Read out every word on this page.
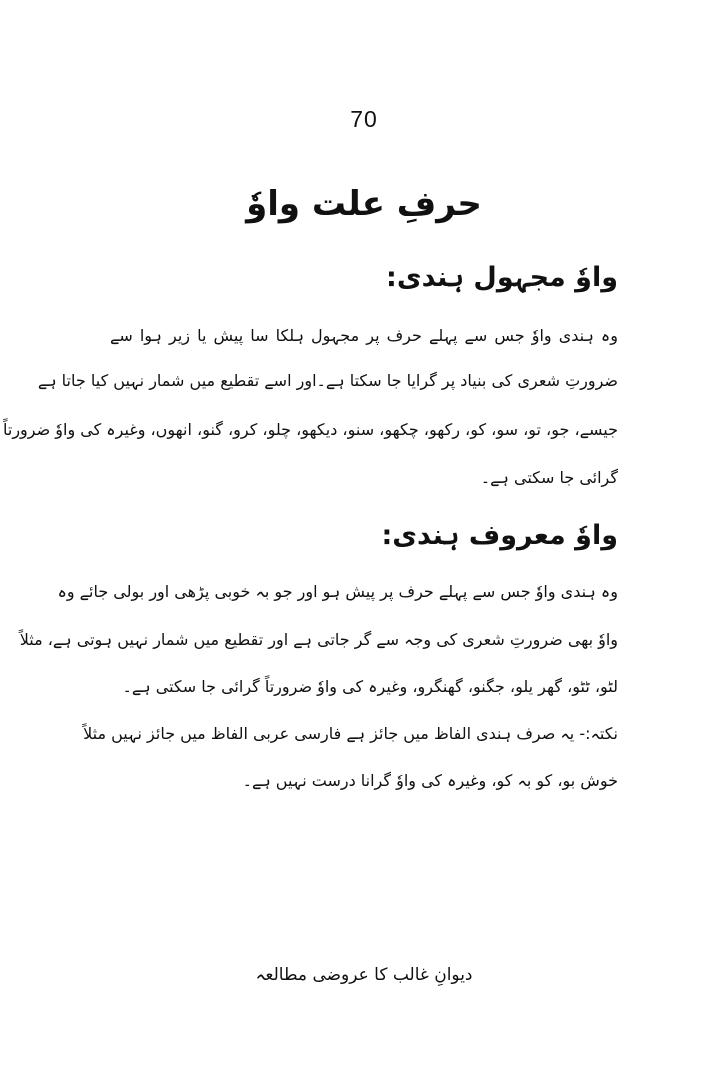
70
حرفِ علت واوٗ
واوٗ مجہول ہندی:
وہ ہندی واوٗ جس سے پہلے حرف پر مجہول ہلکا سا پیش یا زیر ہوا سے
ضرورتِ شعری کی بنیاد پر گرایا جا سکتا ہے۔اور اسے تقطیع میں شمار نہیں کیا جاتا ہے
جیسے، جو، تو، سو، کو، رکھو، چکھو، سنو، دیکھو، چلو، کرو، گنو، انھوں، وغیرہ کی واوٗ ضرورتاً
گرائی جا سکتی ہے۔
واوٗ معروف ہندی:
وہ ہندی واوٗ جس سے پہلے حرف پر پیش ہو اور جو بہ خوبی پڑھی اور بولی جائے وہ
واوٗ بھی ضرورتِ شعری کی وجہ سے گر جاتی ہے اور تقطیع میں شمار نہیں ہوتی ہے، مثلاً
لٹو، ٹٹو، گھر یلو، جگنو، گھنگرو، وغیرہ کی واوٗ ضرورتاً گرائی جا سکتی ہے۔
نکتہ:- یہ صرف ہندی الفاظ میں جائز ہے فارسی عربی الفاظ میں جائز نہیں مثلاً
خوش بو، کو بہ کو، وغیرہ کی واوٗ گرانا درست نہیں ہے۔
دیوانِ غالب کا عروضی مطالعہ
